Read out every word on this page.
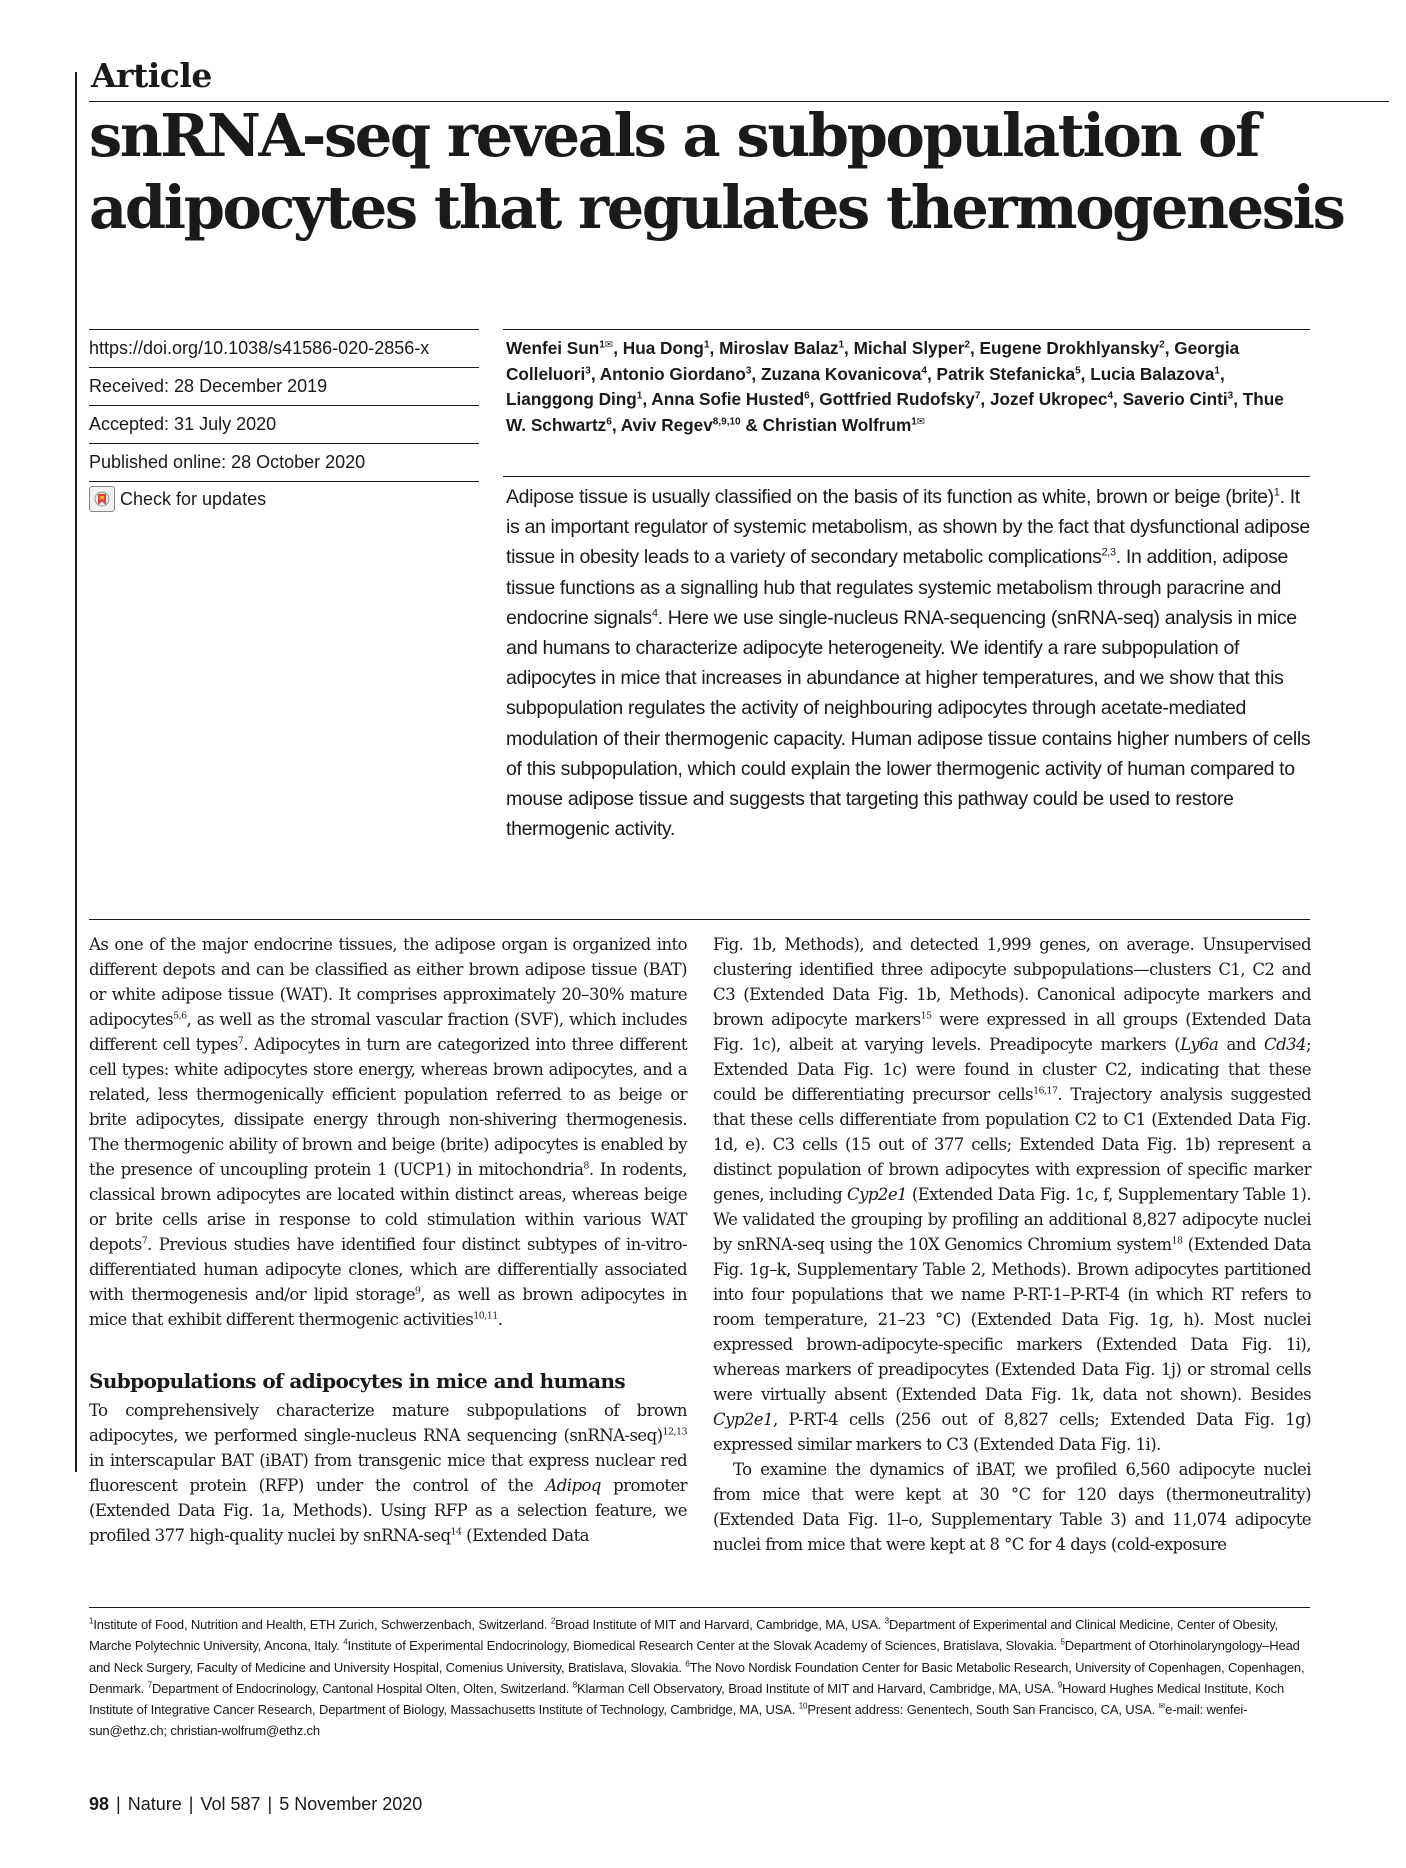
Article
snRNA-seq reveals a subpopulation of
adipocytes that regulates thermogenesis
https://doi.org/10.1038/s41586-020-2856-x
Received: 28 December 2019
Accepted: 31 July 2020
Published online: 28 October 2020
Check for updates
Wenfei Sun$^{1✉}$, Hua Dong$^1$, Miroslav Balaz$^1$, Michal Slyper$^2$, Eugene Drokhlyansky$^2$, Georgia Colleluori$^3$, Antonio Giordano$^3$, Zuzana Kovanicova$^4$, Patrik Stefanicka$^5$, Lucia Balazova$^1$, Lianggong Ding$^1$, Anna Sofie Husted$^6$, Gottfried Rudofsky$^7$, Jozef Ukropec$^4$, Saverio Cinti$^3$, Thue W. Schwartz$^6$, Aviv Regev$^{8,9,10}$ & Christian Wolfrum$^{1✉}$
Adipose tissue is usually classified on the basis of its function as white, brown or beige (brite)$^1$. It is an important regulator of systemic metabolism, as shown by the fact that dysfunctional adipose tissue in obesity leads to a variety of secondary metabolic complications$^{2,3}$. In addition, adipose tissue functions as a signalling hub that regulates systemic metabolism through paracrine and endocrine signals$^4$. Here we use single-nucleus RNA-sequencing (snRNA-seq) analysis in mice and humans to characterize adipocyte heterogeneity. We identify a rare subpopulation of adipocytes in mice that increases in abundance at higher temperatures, and we show that this subpopulation regulates the activity of neighbouring adipocytes through acetate-mediated modulation of their thermogenic capacity. Human adipose tissue contains higher numbers of cells of this subpopulation, which could explain the lower thermogenic activity of human compared to mouse adipose tissue and suggests that targeting this pathway could be used to restore thermogenic activity.

As one of the major endocrine tissues, the adipose organ is organized into different depots and can be classified as either brown adipose tissue (BAT) or white adipose tissue (WAT). It comprises approximately 20–30% mature adipocytes$^{5,6}$, as well as the stromal vascular fraction (SVF), which includes different cell types$^7$. Adipocytes in turn are categorized into three different cell types: white adipocytes store energy, whereas brown adipocytes, and a related, less thermogenically efficient population referred to as beige or brite adipocytes, dissipate energy through non-shivering thermogenesis. The thermogenic ability of brown and beige (brite) adipocytes is enabled by the presence of uncoupling protein 1 (UCP1) in mitochondria$^8$. In rodents, classical brown adipocytes are located within distinct areas, whereas beige or brite cells arise in response to cold stimulation within various WAT depots$^7$. Previous studies have identified four distinct subtypes of in-vitro-differentiated human adipocyte clones, which are differentially associated with thermogenesis and/or lipid storage$^9$, as well as brown adipocytes in mice that exhibit different thermogenic activities$^{10,11}$.

Subpopulations of adipocytes in mice and humans

To comprehensively characterize mature subpopulations of brown adipocytes, we performed single-nucleus RNA sequencing (snRNA-seq)$^{12,13}$ in interscapular BAT (iBAT) from transgenic mice that express nuclear red fluorescent protein (RFP) under the control of the Adipoq promoter (Extended Data Fig. 1a, Methods). Using RFP as a selection feature, we profiled 377 high-quality nuclei by snRNA-seq$^{14}$ (Extended Data

Fig. 1b, Methods), and detected 1,999 genes, on average. Unsupervised clustering identified three adipocyte subpopulations—clusters C1, C2 and C3 (Extended Data Fig. 1b, Methods). Canonical adipocyte markers and brown adipocyte markers$^{15}$ were expressed in all groups (Extended Data Fig. 1c), albeit at varying levels. Preadipocyte markers (Ly6a and Cd34; Extended Data Fig. 1c) were found in cluster C2, indicating that these could be differentiating precursor cells$^{16,17}$. Trajectory analysis suggested that these cells differentiate from population C2 to C1 (Extended Data Fig. 1d, e). C3 cells (15 out of 377 cells; Extended Data Fig. 1b) represent a distinct population of brown adipocytes with expression of specific marker genes, including Cyp2e1 (Extended Data Fig. 1c, f, Supplementary Table 1). We validated the grouping by profiling an additional 8,827 adipocyte nuclei by snRNA-seq using the 10X Genomics Chromium system$^{18}$ (Extended Data Fig. 1g–k, Supplementary Table 2, Methods). Brown adipocytes partitioned into four populations that we name P-RT-1–P-RT-4 (in which RT refers to room temperature, 21–23 °C) (Extended Data Fig. 1g, h). Most nuclei expressed brown-adipocyte-specific markers (Extended Data Fig. 1i), whereas markers of preadipocytes (Extended Data Fig. 1j) or stromal cells were virtually absent (Extended Data Fig. 1k, data not shown). Besides Cyp2e1, P-RT-4 cells (256 out of 8,827 cells; Extended Data Fig. 1g) expressed similar markers to C3 (Extended Data Fig. 1i).

To examine the dynamics of iBAT, we profiled 6,560 adipocyte nuclei from mice that were kept at 30 °C for 120 days (thermoneutrality) (Extended Data Fig. 1l–o, Supplementary Table 3) and 11,074 adipocyte nuclei from mice that were kept at 8 °C for 4 days (cold-exposure

$^1$Institute of Food, Nutrition and Health, ETH Zurich, Schwerzenbach, Switzerland. $^2$Broad Institute of MIT and Harvard, Cambridge, MA, USA. $^3$Department of Experimental and Clinical Medicine, Center of Obesity, Marche Polytechnic University, Ancona, Italy. $^4$Institute of Experimental Endocrinology, Biomedical Research Center at the Slovak Academy of Sciences, Bratislava, Slovakia. $^5$Department of Otorhinolaryngology–Head and Neck Surgery, Faculty of Medicine and University Hospital, Comenius University, Bratislava, Slovakia. $^6$The Novo Nordisk Foundation Center for Basic Metabolic Research, University of Copenhagen, Copenhagen, Denmark. $^7$Department of Endocrinology, Cantonal Hospital Olten, Olten, Switzerland. $^8$Klarman Cell Observatory, Broad Institute of MIT and Harvard, Cambridge, MA, USA. $^9$Howard Hughes Medical Institute, Koch Institute of Integrative Cancer Research, Department of Biology, Massachusetts Institute of Technology, Cambridge, MA, USA. $^{10}$Present address: Genentech, South San Francisco, CA, USA. ✉e-mail: wenfei-sun@ethz.ch; christian-wolfrum@ethz.ch
98 | Nature | Vol 587 | 5 November 2020
